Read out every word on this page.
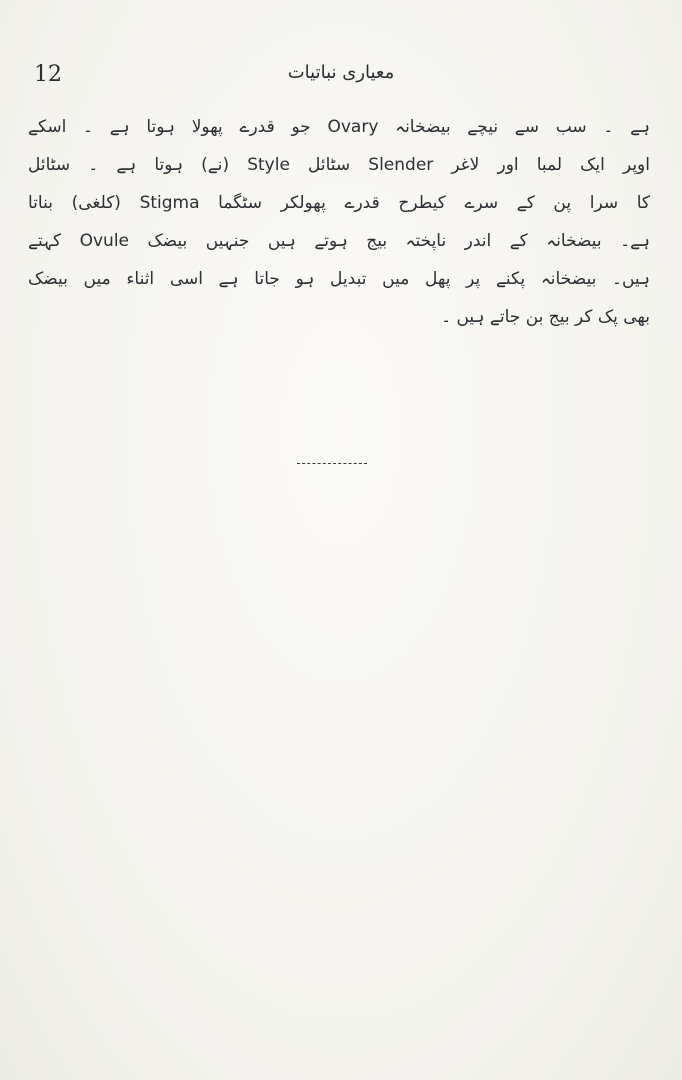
12	معیاری نباتیات
ہے ۔ سب سے نیچے بیضخانہ Ovary جو قدرے پھولا ہوتا ہے ۔ اسکے
اوپر ایک لمبا اور لاغر Slender سٹائل Style (نے) ہوتا ہے ۔ سٹائل
کا سرا پن کے سرے کیطرح قدرے پھولکر سٹگما Stigma (کلغی) بناتا
ہے۔ بیضخانہ کے اندر ناپختہ بیج ہوتے ہیں جنہیں بیضک Ovule کہتے
ہیں۔ بیضخانہ پکنے پر پھل میں تبدیل ہو جاتا ہے اسی اثناء میں بیضک
بھی پک کر بیج بن جاتے ہیں ۔
